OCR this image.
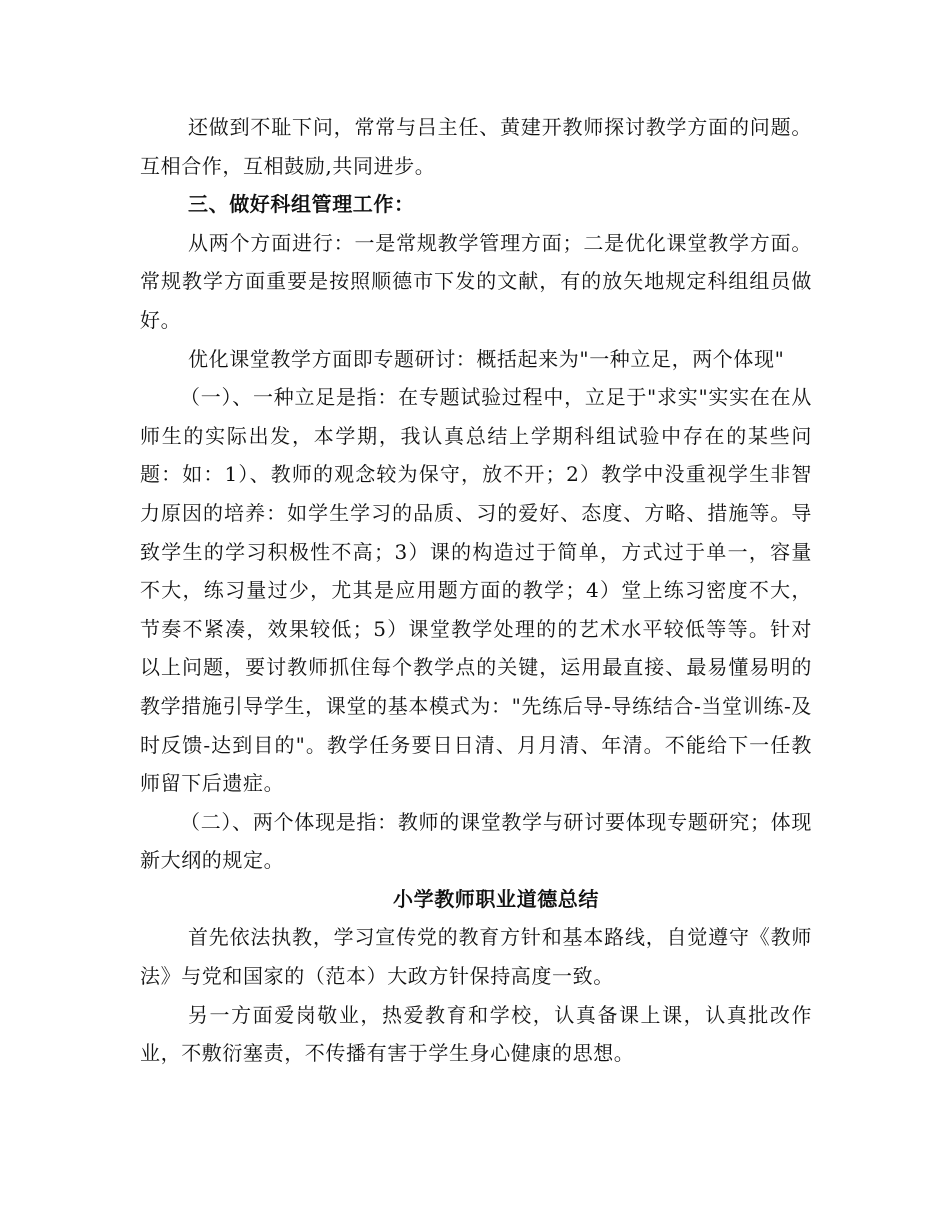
还做到不耻下问，常常与吕主任、黄建开教师探讨教学方面的问题。互相合作，互相鼓励,共同进步。

三、做好科组管理工作：

从两个方面进行：一是常规教学管理方面；二是优化课堂教学方面。常规教学方面重要是按照顺德市下发的文献，有的放矢地规定科组组员做好。

优化课堂教学方面即专题研讨：概括起来为"一种立足，两个体现"

（一）、一种立足是指：在专题试验过程中，立足于"求实"实实在在从师生的实际出发，本学期，我认真总结上学期科组试验中存在的某些问题：如：1）、教师的观念较为保守，放不开；2）教学中没重视学生非智力原因的培养：如学生学习的品质、习的爱好、态度、方略、措施等。导致学生的学习积极性不高；3）课的构造过于简单，方式过于单一，容量不大，练习量过少，尤其是应用题方面的教学；4）堂上练习密度不大，节奏不紧凑，效果较低；5）课堂教学处理的的艺术水平较低等等。针对以上问题，要讨教师抓住每个教学点的关键，运用最直接、最易懂易明的教学措施引导学生，课堂的基本模式为："先练后导-导练结合-当堂训练-及时反馈-达到目的"。教学任务要日日清、月月清、年清。不能给下一任教师留下后遗症。

（二）、两个体现是指：教师的课堂教学与研讨要体现专题研究；体现新大纲的规定。

小学教师职业道德总结

首先依法执教，学习宣传党的教育方针和基本路线，自觉遵守《教师法》与党和国家的（范本）大政方针保持高度一致。

另一方面爱岗敬业，热爱教育和学校，认真备课上课，认真批改作业，不敷衍塞责，不传播有害于学生身心健康的思想。
